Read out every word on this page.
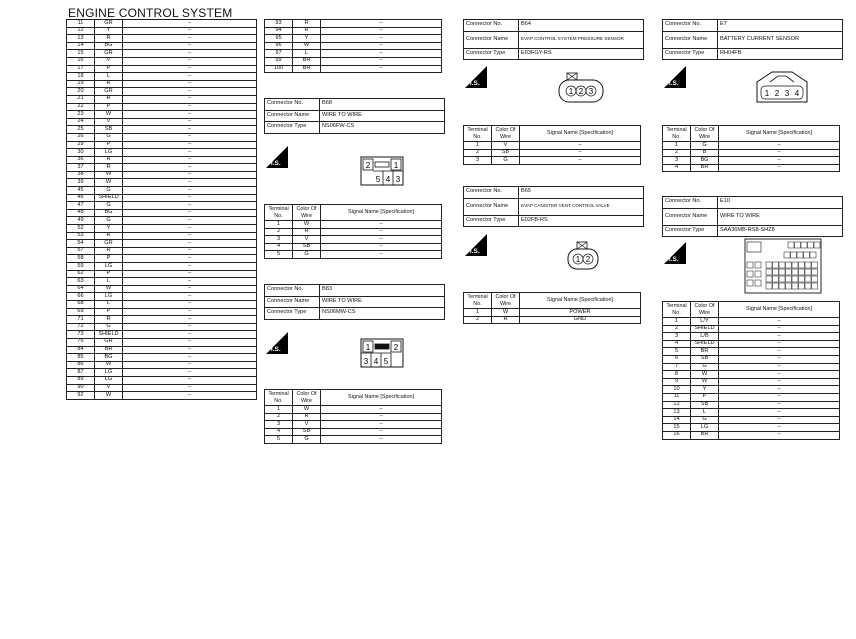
ENGINE CONTROL SYSTEM
11	GR	–
12	Y	–
13	R	–
14	BG	–
15	GR	–
16	V	–
17	P	–
18	L	–
19	R	–
20	GR	–
21	R	–
22	P	–
23	W	–
24	V	–
25	SB	–
26	G	–
29	P	–
30	LG	–
36	R	–
37	R	–
38	W	–
39	W	–
45	G	–
46	SHIELD	–
47	G	–
48	BG	–
49	G	–
52	Y	–
53	R	–
54	GR	–
57	R	–
58	P	–
59	LG	–
62	P	–
63	L	–
64	W	–
66	LG	–
68	L	–
69	P	–
71	R	–
72	G	–
73	SHIELD	–
76	GR	–
84	BR	–
85	BG	–
86	W	–
87	LG	–
89	LG	–
90	V	–
92	W	–
93	R	–
94	R	–
95	Y	–
96	W	–
97	L	–
99	BR	–
100	BR	–
Connector No.	B68
Connector Name	WIRE TO WIRE
Connector Type	NS06FW-CS
H.S.	2	1
5 4 3
Terminal No.	Color Of Wire	Signal Name [Specification]
1	W	–
2	R	–
3	V	–
4	SB	–
5	G	–
Connector No.	B83
Connector Name	WIRE TO WIRE
Connector Type	NS06MW-CS
H.S.	1	2
3 4 5
Terminal No.	Color Of Wire	Signal Name [Specification]
1	W	–
2	R	–
3	V	–
4	SB	–
5	G	–
Connector No.	B64
Connector Name	EVAP CONTROL SYSTEM PRESSURE SENSOR
Connector Type	E03FGY-RS
H.S.
1 2 3
Terminal No.	Color Of Wire	Signal Name [Specification]
1	V	–
2	SB	–
3	G	–
Connector No.	B65
Connector Name	EVAP CANISTER VENT CONTROL VALVE
Connector Type	E02FB-RS
H.S.
1 2
Terminal No.	Color Of Wire	Signal Name [Specification]
1	W	POWER
2	R	GND
Connector No.	E7
Connector Name	BATTERY CURRENT SENSOR
Connector Type	RH04FB
H.S.
1 2 3 4
Terminal No.	Color Of Wire	Signal Name [Specification]
1	G	–
2	B	–
3	BG	–
4	BR	–
Connector No.	E10
Connector Name	WIRE TO WIRE
Connector Type	SAA36MB-RS8-SHZ8
H.S.
Terminal No.	Color Of Wire	Signal Name [Specification]
1	L/Y	–
2	SHIELD	–
3	L/B	–
4	SHIELD	–
5	BR	–
6	SB	–
7	G	–
8	W	–
9	W	–
10	Y	–
11	P	–
12	SB	–
13	L	–
14	G	–
15	LG	–
16	BR	–
